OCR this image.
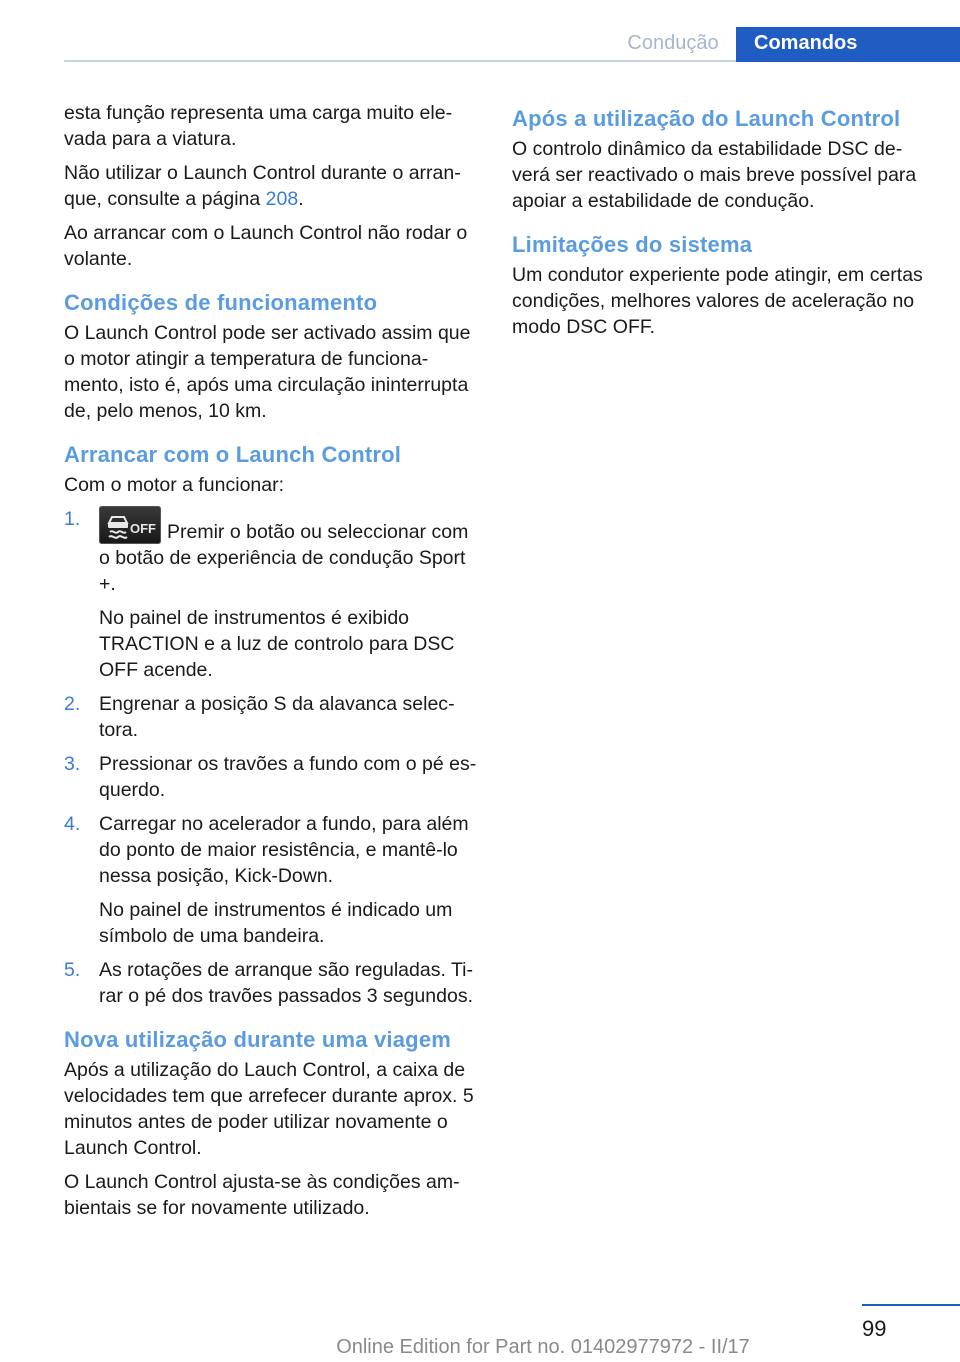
Condução	Comandos

esta função representa uma carga muito elevada para a viatura.

Não utilizar o Launch Control durante o arranque, consulte a página 208.

Ao arrancar com o Launch Control não rodar o volante.

Condições de funcionamento

O Launch Control pode ser activado assim que o motor atingir a temperatura de funcionamento, isto é, após uma circulação ininterrupta de, pelo menos, 10 km.

Arrancar com o Launch Control

Com o motor a funcionar:

1.	OFF Premir o botão ou seleccionar com o botão de experiência de condução Sport +.

No painel de instrumentos é exibido TRACTION e a luz de controlo para DSC OFF acende.

2. Engrenar a posição S da alavanca selectora.

3. Pressionar os travões a fundo com o pé esquerdo.

4. Carregar no acelerador a fundo, para além do ponto de maior resistência, e mantê-lo nessa posição, Kick-Down.

No painel de instrumentos é indicado um símbolo de uma bandeira.

5. As rotações de arranque são reguladas. Tirar o pé dos travões passados 3 segundos.

Nova utilização durante uma viagem

Após a utilização do Lauch Control, a caixa de velocidades tem que arrefecer durante aprox. 5 minutos antes de poder utilizar novamente o Launch Control.

O Launch Control ajusta-se às condições ambientais se for novamente utilizado.

Após a utilização do Launch Control

O controlo dinâmico da estabilidade DSC deverá ser reactivado o mais breve possível para apoiar a estabilidade de condução.

Limitações do sistema

Um condutor experiente pode atingir, em certas condições, melhores valores de aceleração no modo DSC OFF.

99
Online Edition for Part no. 01402977972 - II/17
